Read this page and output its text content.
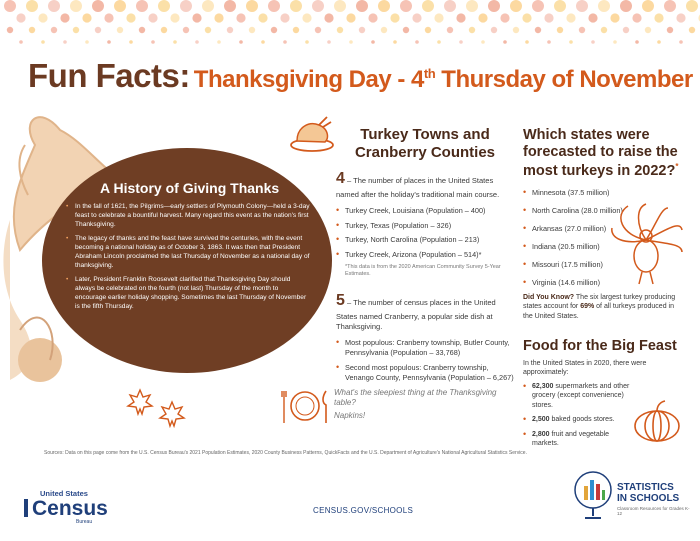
Fun Facts: Thanksgiving Day - 4th Thursday of November
A History of Giving Thanks
• In the fall of 1621, the Pilgrims—early settlers of Plymouth Colony—held a 3-day feast to celebrate a bountiful harvest. Many regard this event as the nation's first Thanksgiving.
• The legacy of thanks and the feast have survived the centuries, with the event becoming a national holiday as of October 3, 1863. It was then that President Abraham Lincoln proclaimed the last Thursday of November as a national day of thanksgiving.
• Later, President Franklin Roosevelt clarified that Thanksgiving Day should always be celebrated on the fourth (not last) Thursday of the month to encourage earlier holiday shopping. Sometimes the last Thursday of November is the fifth Thursday.
Turkey Towns and Cranberry Counties

4 – The number of places in the United States named after the holiday's traditional main course.

• Turkey Creek, Louisiana (Population – 400)
• Turkey, Texas (Population – 326)
• Turkey, North Carolina (Population – 213)
• Turkey Creek, Arizona (Population – 514)*

*This data is from the 2020 American Community Survey 5-Year Estimates.

5 – The number of census places in the United States named Cranberry, a popular side dish at Thanksgiving.

• Most populous: Cranberry township, Butler County, Pennsylvania (Population – 33,768)
• Second most populous: Cranberry township, Venango County, Pennsylvania (Population – 6,267)
What's the sleepiest thing at the Thanksgiving table?
Napkins!
Which states were forecasted to raise the most turkeys in 2022?*
• Minnesota (37.5 million)
• North Carolina (28.0 million)
• Arkansas (27.0 million)
• Indiana (20.5 million)
• Missouri (17.5 million)
• Virginia (14.6 million)

Did You Know? The six largest turkey producing states account for 69% of all turkeys produced in the United States.

Food for the Big Feast

In the United States in 2020, there were approximately:

• 62,300 supermarkets and other grocery (except convenience) stores.
• 2,500 baked goods stores.
• 2,800 fruit and vegetable markets.

Sources: Data on this page come from the U.S. Census Bureau's 2021 Population Estimates, 2020 County Business Patterns, QuickFacts and the U.S. Department of Agriculture's National Agricultural Statistics Service.

United States
Census
Bureau
CENSUS.GOV/SCHOOLS
STATISTICS
IN SCHOOLS
Classroom Resources for Grades K-12
